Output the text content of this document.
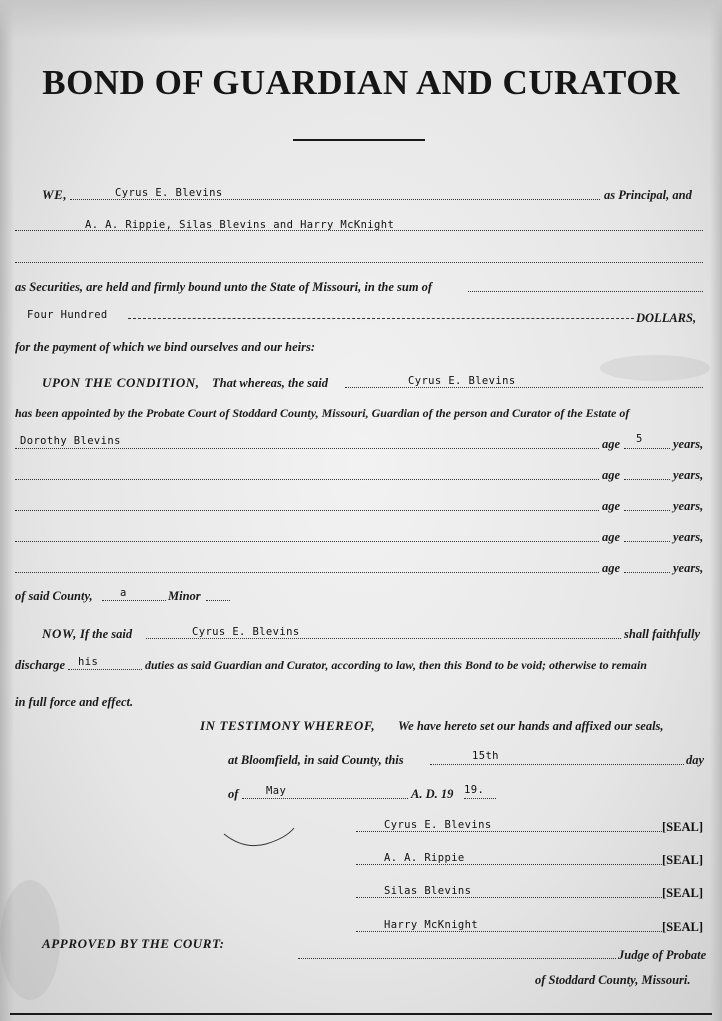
BOND OF GUARDIAN AND CURATOR
WE,	Cyrus E. Blevins	as Principal, and
A. A. Rippie, Silas Blevins and Harry McKnight
as Securities, are held and firmly bound unto the State of Missouri, in the sum of
Four Hundred	DOLLARS,
for the payment of which we bind ourselves and our heirs:
UPON THE CONDITION, That whereas, the said	Cyrus E. Blevins
has been appointed by the Probate Court of Stoddard County, Missouri, Guardian of the person and Curator of the Estate of
Dorothy Blevins	age 5 years,
age	years,
age	years,
age	years,
age	years,
of said County,	a	Minor
NOW, If the said	Cyrus E. Blevins	shall faithfully
discharge his	duties as said Guardian and Curator, according to law, then this Bond to be void; otherwise to remain
in full force and effect.
IN TESTIMONY WHEREOF, We have hereto set our hands and affixed our seals,
at Bloomfield, in said County, this	15th	day
of	May	A. D. 19 19.
Cyrus E. Blevins	[SEAL]
A. A. Rippie	[SEAL]
Silas Blevins	[SEAL]
Harry McKnight	[SEAL]
APPROVED BY THE COURT:
Judge of Probate
of Stoddard County, Missouri.
